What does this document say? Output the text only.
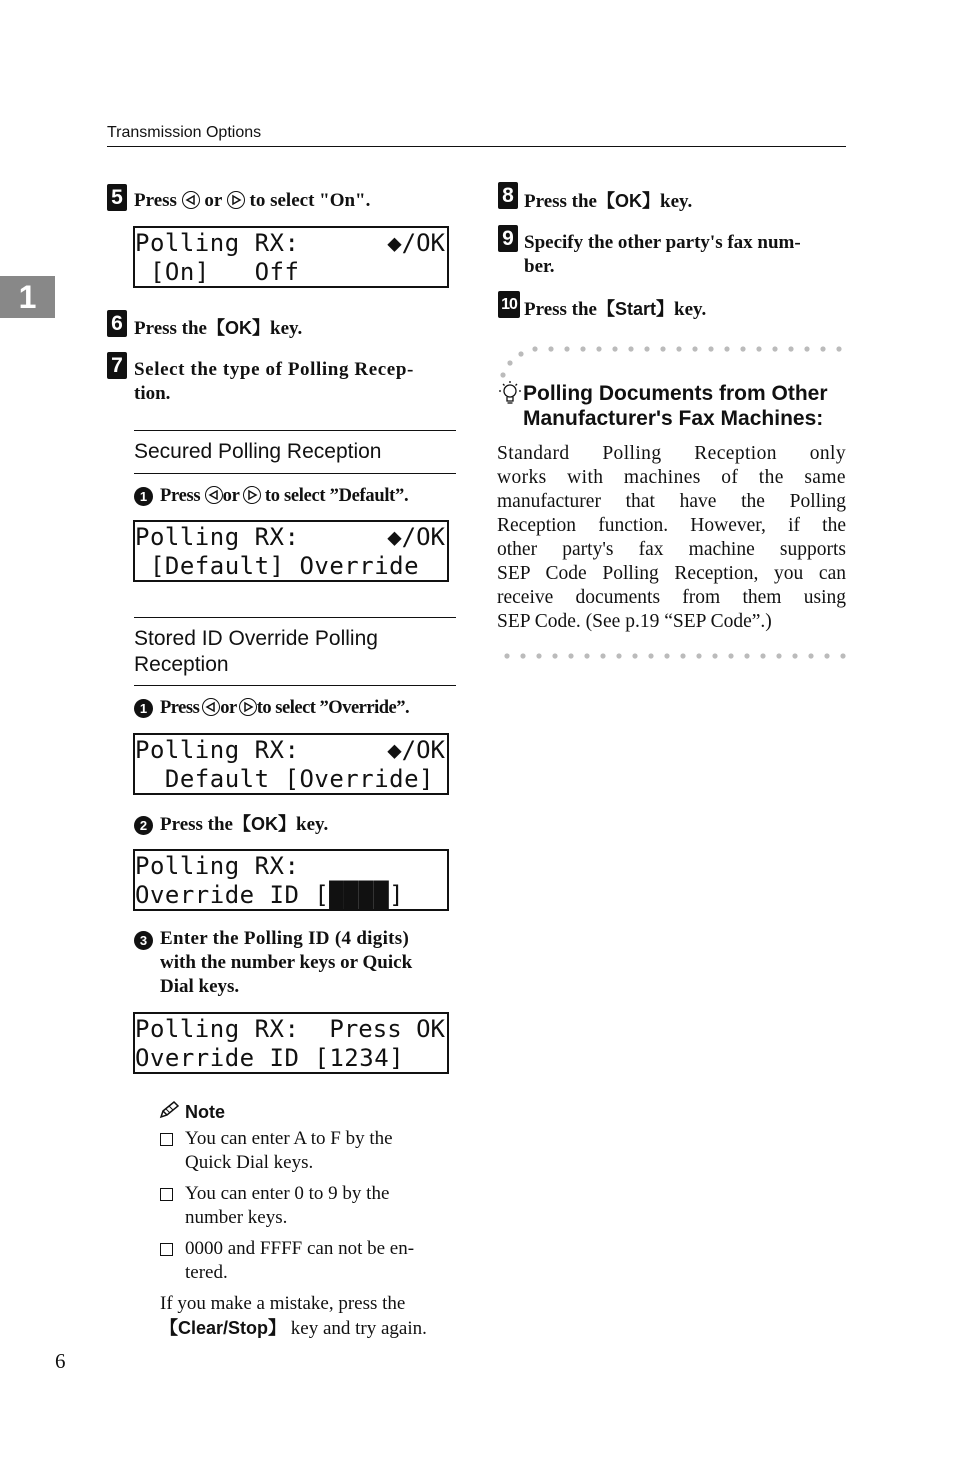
Transmission Options
1
5 Press or to select "On".
Polling RX:	◆/OK
[On]   Off
6 Press the【OK】key.
7 Select the type of Polling Recep-
tion.
Secured Polling Reception
1 Press or to select ”Default”.
Polling RX:	◆/OK
[Default] Override
Stored ID Override Polling
Reception
1 Press or to select ”Override”.
Polling RX:	◆/OK
Default [Override]
2 Press the【OK】key.
Polling RX:
Override ID [████]
3 Enter the Polling ID (4 digits)
with the number keys or Quick
Dial keys.
Polling RX: Press OK
Override ID [1234]
Note
You can enter A to F by the
Quick Dial keys.
You can enter 0 to 9 by the
number keys.
0000 and FFFF can not be en-
tered.
If you make a mistake, press the
【Clear/Stop】 key and try again.
6
8 Press the【OK】key.
9 Specify the other party's fax num-
ber.
10 Press the【Start】key.
Polling Documents from Other
Manufacturer's Fax Machines:
Standard Polling Reception only
works with machines of the same
manufacturer that have the Polling
Reception function. However, if the
other party's fax machine supports
SEP Code Polling Reception, you can
receive documents from them using
SEP Code. (See p.19 “SEP Code”.)
